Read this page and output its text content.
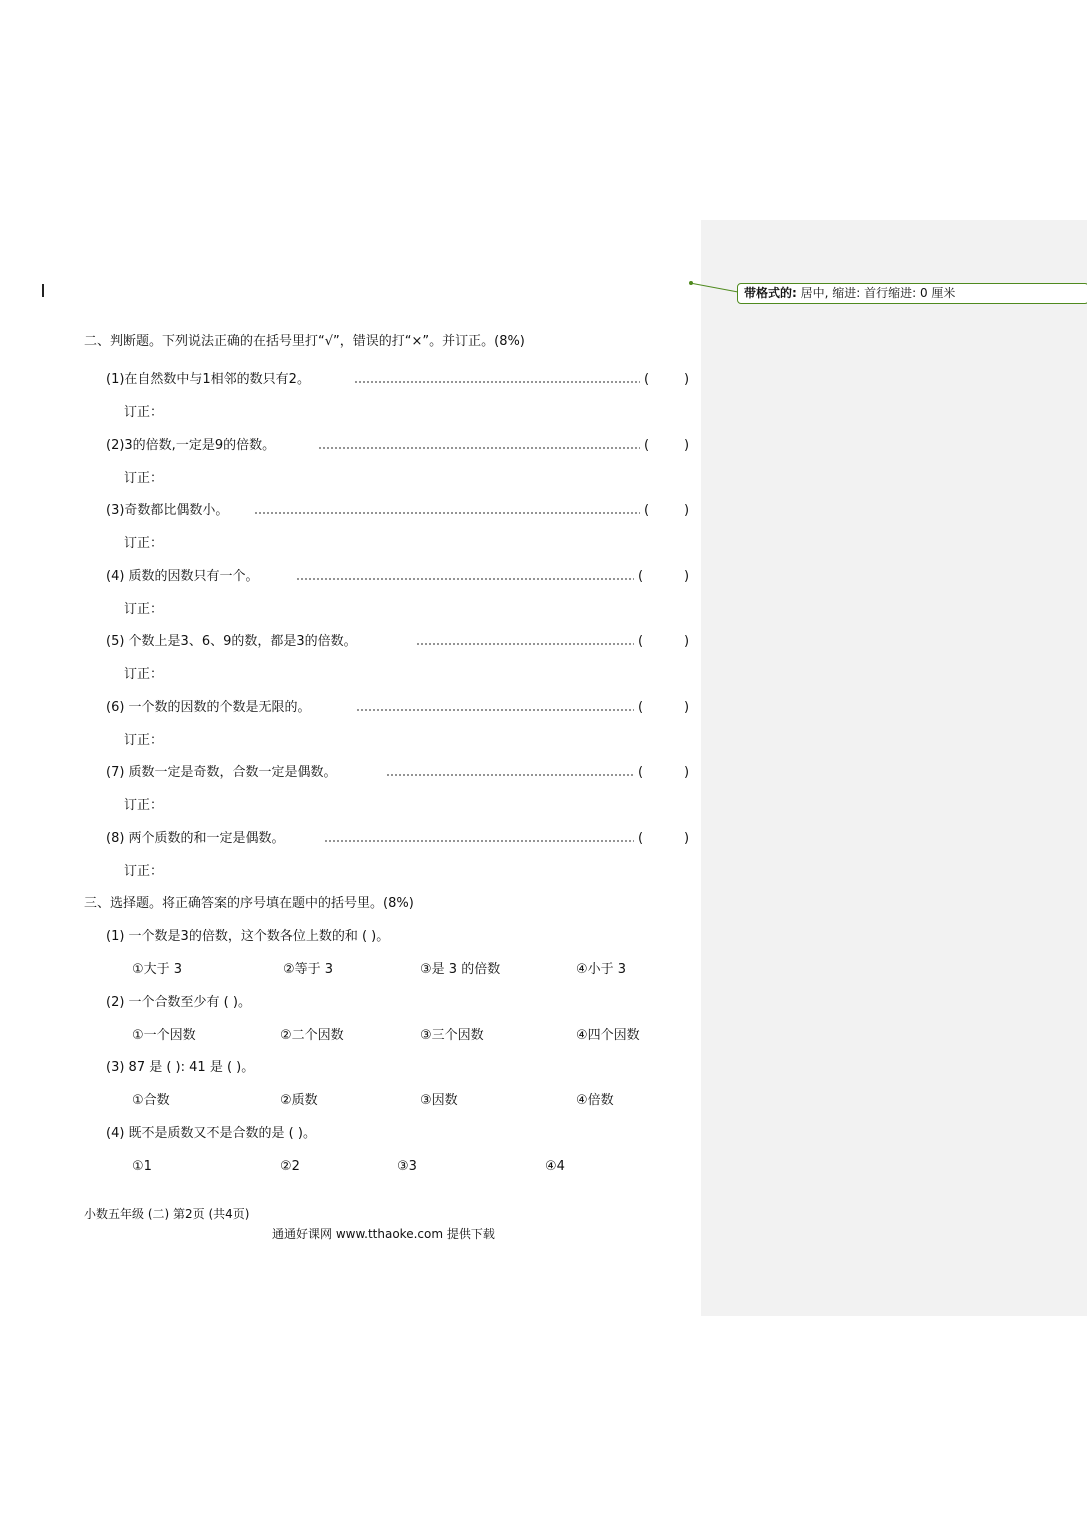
带格式的: 居中, 缩进: 首行缩进: 0 厘米
二、判断题。下列说法正确的在括号里打“√”，错误的打“×”。并订正。(8%)
(1)在自然数中与1相邻的数只有2。	(	)
订正：
(2)3的倍数,一定是9的倍数。	(	)
订正：
(3)奇数都比偶数小。	(	)
订正：
(4) 质数的因数只有一个。	(	)
订正：
(5) 个数上是3、6、9的数，都是3的倍数。	(	)
订正：
(6) 一个数的因数的个数是无限的。	(	)
订正：
(7) 质数一定是奇数，合数一定是偶数。	(	)
订正：
(8) 两个质数的和一定是偶数。	(	)
订正：
三、选择题。将正确答案的序号填在题中的括号里。(8%)
(1) 一个数是3的倍数，这个数各位上数的和 ( )。
①大于 3	②等于 3	③是 3 的倍数	④小于 3
(2) 一个合数至少有 ( )。
①一个因数	②二个因数	③三个因数	④四个因数
(3) 87 是 ( ): 41 是 ( )。
①合数	②质数	③因数	④倍数
(4) 既不是质数又不是合数的是 ( )。
①1	②2	③3	④4
小数五年级 (二) 第2页 (共4页)
通通好课网 www.tthaoke.com 提供下载
